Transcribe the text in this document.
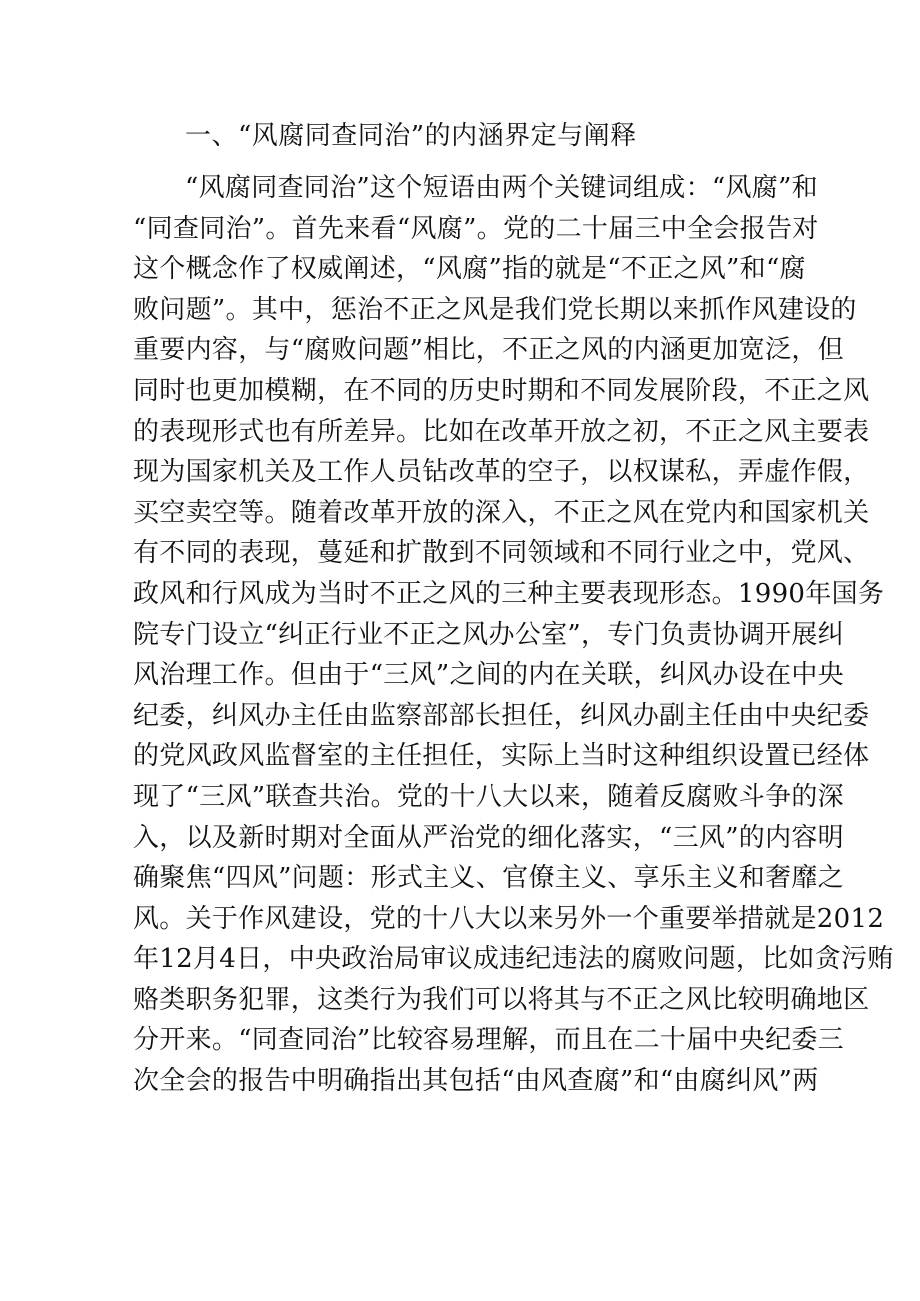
一、“风腐同查同治”的内涵界定与阐释
“风腐同查同治”这个短语由两个关键词组成：“风腐”和
“同查同治”。首先来看“风腐”。党的二十届三中全会报告对
这个概念作了权威阐述，“风腐”指的就是“不正之风”和“腐
败问题”。其中，惩治不正之风是我们党长期以来抓作风建设的
重要内容，与“腐败问题”相比，不正之风的内涵更加宽泛，但
同时也更加模糊，在不同的历史时期和不同发展阶段，不正之风
的表现形式也有所差异。比如在改革开放之初，不正之风主要表
现为国家机关及工作人员钻改革的空子，以权谋私，弄虚作假，
买空卖空等。随着改革开放的深入，不正之风在党内和国家机关
有不同的表现，蔓延和扩散到不同领域和不同行业之中，党风、
政风和行风成为当时不正之风的三种主要表现形态。1990年国务
院专门设立“纠正行业不正之风办公室”，专门负责协调开展纠
风治理工作。但由于“三风”之间的内在关联，纠风办设在中央
纪委，纠风办主任由监察部部长担任，纠风办副主任由中央纪委
的党风政风监督室的主任担任，实际上当时这种组织设置已经体
现了“三风”联查共治。党的十八大以来，随着反腐败斗争的深
入，以及新时期对全面从严治党的细化落实，“三风”的内容明
确聚焦“四风”问题：形式主义、官僚主义、享乐主义和奢靡之
风。关于作风建设，党的十八大以来另外一个重要举措就是2012
年12月4日，中央政治局审议成违纪违法的腐败问题，比如贪污贿
赂类职务犯罪，这类行为我们可以将其与不正之风比较明确地区
分开来。“同查同治”比较容易理解，而且在二十届中央纪委三
次全会的报告中明确指出其包括“由风查腐”和“由腐纠风”两
